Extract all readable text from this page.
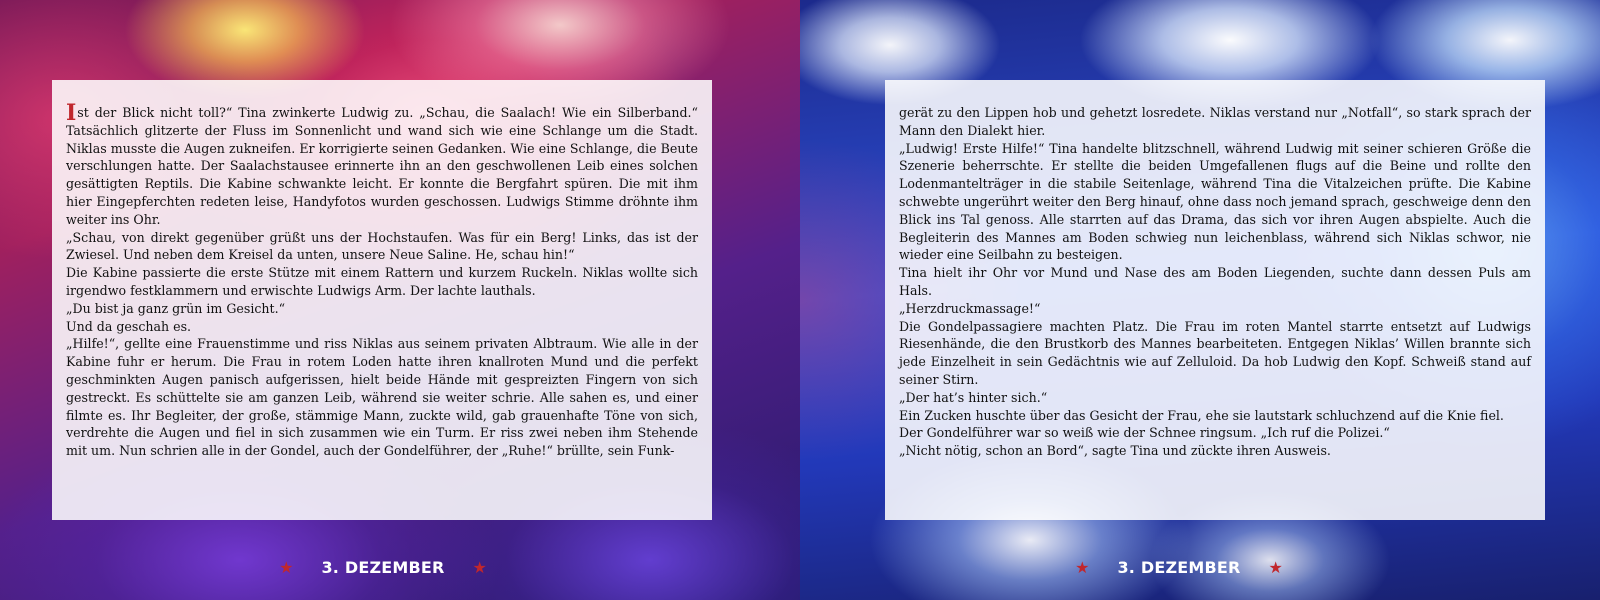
Ist der Blick nicht toll?“ Tina zwinkerte Ludwig zu. „Schau, die Saalach! Wie ein Silberband.“ Tatsächlich glitzerte der Fluss im Sonnenlicht und wand sich wie eine Schlange um die Stadt. Niklas musste die Augen zukneifen. Er korrigierte seinen Gedanken. Wie eine Schlange, die Beute verschlungen hatte. Der Saalachstausee erinnerte ihn an den geschwollenen Leib eines solchen gesättigten Reptils. Die Kabine schwankte leicht. Er konnte die Bergfahrt spüren. Die mit ihm hier Eingepferchten redeten leise, Handyfotos wurden geschossen. Ludwigs Stimme dröhnte ihm weiter ins Ohr.

„Schau, von direkt gegenüber grüßt uns der Hochstaufen. Was für ein Berg! Links, das ist der Zwiesel. Und neben dem Kreisel da unten, unsere Neue Saline. He, schau hin!“

Die Kabine passierte die erste Stütze mit einem Rattern und kurzem Ruckeln. Niklas wollte sich irgendwo festklammern und erwischte Ludwigs Arm. Der lachte lauthals.

„Du bist ja ganz grün im Gesicht.“

Und da geschah es.

„Hilfe!“, gellte eine Frauenstimme und riss Niklas aus seinem privaten Albtraum. Wie alle in der Kabine fuhr er herum. Die Frau in rotem Loden hatte ihren knallroten Mund und die perfekt geschminkten Augen panisch aufgerissen, hielt beide Hände mit gespreizten Fingern von sich gestreckt. Es schüttelte sie am ganzen Leib, während sie weiter schrie. Alle sahen es, und einer filmte es. Ihr Begleiter, der große, stämmige Mann, zuckte wild, gab grauenhafte Töne von sich, verdrehte die Augen und fiel in sich zusammen wie ein Turm. Er riss zwei neben ihm Stehende mit um. Nun schrien alle in der Gondel, auch der Gondelführer, der „Ruhe!“ brüllte, sein Funk-

★ 3. DEZEMBER ★

gerät zu den Lippen hob und gehetzt losredete. Niklas verstand nur „Notfall“, so stark sprach der Mann den Dialekt hier.

„Ludwig! Erste Hilfe!“ Tina handelte blitzschnell, während Ludwig mit seiner schieren Größe die Szenerie beherrschte. Er stellte die beiden Umgefallenen flugs auf die Beine und rollte den Lodenmantelträger in die stabile Seitenlage, während Tina die Vitalzeichen prüfte. Die Kabine schwebte ungerührt weiter den Berg hinauf, ohne dass noch jemand sprach, geschweige denn den Blick ins Tal genoss. Alle starrten auf das Drama, das sich vor ihren Augen abspielte. Auch die Begleiterin des Mannes am Boden schwieg nun leichenblass, während sich Niklas schwor, nie wieder eine Seilbahn zu besteigen.

Tina hielt ihr Ohr vor Mund und Nase des am Boden Liegenden, suchte dann dessen Puls am Hals.

„Herzdruckmassage!“

Die Gondelpassagiere machten Platz. Die Frau im roten Mantel starrte entsetzt auf Ludwigs Riesenhände, die den Brustkorb des Mannes bearbeiteten. Entgegen Niklas’ Willen brannte sich jede Einzelheit in sein Gedächtnis wie auf Zelluloid. Da hob Ludwig den Kopf. Schweiß stand auf seiner Stirn.

„Der hat’s hinter sich.“

Ein Zucken huschte über das Gesicht der Frau, ehe sie lautstark schluchzend auf die Knie fiel.

Der Gondelführer war so weiß wie der Schnee ringsum. „Ich ruf die Polizei.“

„Nicht nötig, schon an Bord“, sagte Tina und zückte ihren Ausweis.

★ 3. DEZEMBER ★
